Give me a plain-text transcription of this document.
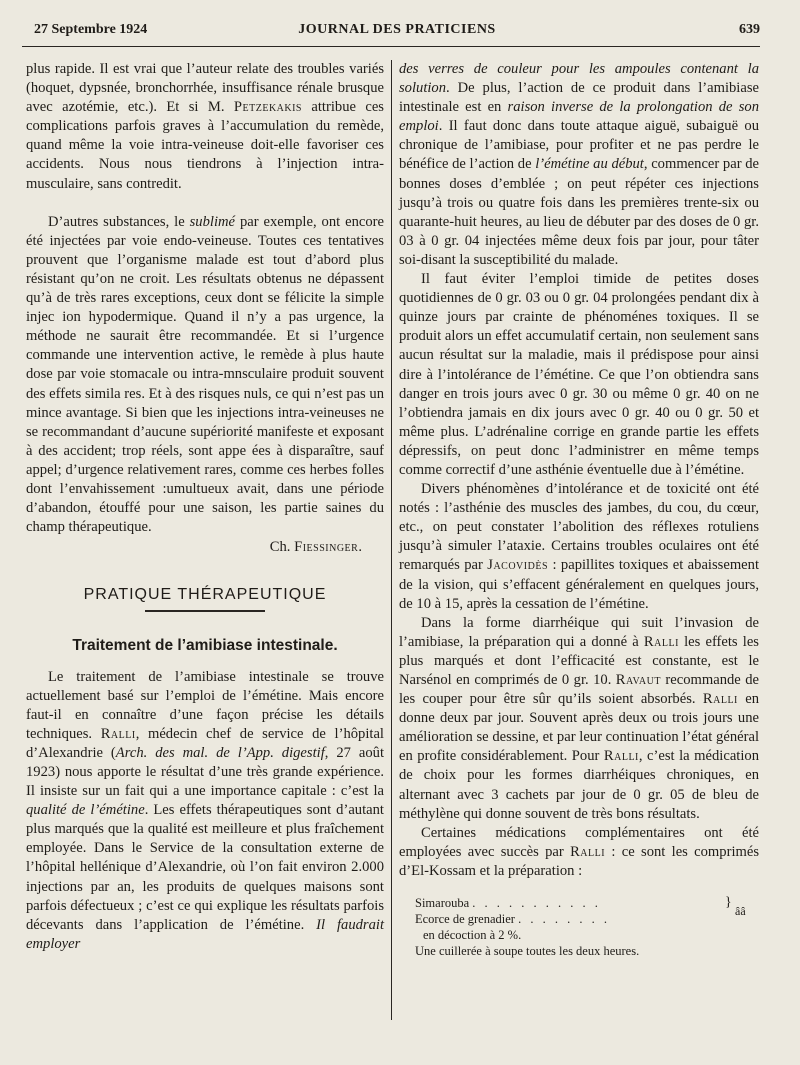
27 Septembre 1924	JOURNAL DES PRATICIENS	639

plus rapide. Il est vrai que l’auteur relate des troubles variés (hoquet, dypsnée, bronchorrhée, insuffisance rénale brusque avec azotémie, etc.). Et si M. Petzekakis attribue ces complications parfois graves à l’accumulation du remède, quand même la voie intra-veineuse doit-elle favoriser ces accidents. Nous nous tiendrons à l’injection intra-musculaire, sans contredit.

D’autres substances, le sublimé par exemple, ont encore été injectées par voie endo-veineuse. Toutes ces tentatives prouvent que l’organisme malade est tout d’abord plus résistant qu’on ne croit. Les résultats obtenus ne dépassent qu’à de très rares exceptions, ceux dont se félicite la simple injec ion hypodermique. Quand il n’y a pas urgence, la méthode ne saurait être recommandée. Et si l’urgence commande une intervention active, le remède à plus haute dose par voie stomacale ou intra-mnsculaire produit souvent des effets simila res. Et à des risques nuls, ce qui n’est pas un mince avantage. Si bien que les injections intra-veineuses ne se recommandant d’aucune supériorité manifeste et exposant à des accident; trop réels, sont appe ées à disparaître, sauf appel; d’urgence relativement rares, comme ces herbes folles dont l’envahissement :umultueux avait, dans une période d’abandon, étouffé pour une saison, les partie saines du champ thérapeutique.

Ch. Fiessinger.
PRATIQUE THÉRAPEUTIQUE
Traitement de l’amibiase intestinale.

Le traitement de l’amibiase intestinale se trouve actuellement basé sur l’emploi de l’émétine. Mais encore faut-il en connaître d’une façon précise les détails techniques. Ralli, médecin chef de service de l’hôpital d’Alexandrie (Arch. des mal. de l’App. digestif, 27 août 1923) nous apporte le résultat d’une très grande expérience. Il insiste sur un fait qui a une importance capitale : c’est la qualité de l’émétine. Les effets thérapeutiques sont d’autant plus marqués que la qualité est meilleure et plus fraîchement employée. Dans le Service de la consultation externe de l’hôpital hellénique d’Alexandrie, où l’on fait environ 2.000 injections par an, les produits de quelques maisons sont parfois défectueux ; c’est ce qui explique les résultats parfois décevants dans l’application de l’émétine. Il faudrait employer

des verres de couleur pour les ampoules contenant la solution. De plus, l’action de ce produit dans l’amibiase intestinale est en raison inverse de la prolongation de son emploi. Il faut donc dans toute attaque aiguë, subaiguë ou chronique de l’amibiase, pour profiter et ne pas perdre le bénéfice de l’action de l’émétine au début, commencer par de bonnes doses d’emblée ; on peut répéter ces injections jusqu’à trois ou quatre fois dans les premières trente-six ou quarante-huit heures, au lieu de débuter par des doses de 0 gr. 03 à 0 gr. 04 injectées même deux fois par jour, pour tâter soi-disant la susceptibilité du malade.

Il faut éviter l’emploi timide de petites doses quotidiennes de 0 gr. 03 ou 0 gr. 04 prolongées pendant dix à quinze jours par crainte de phénoménes toxiques. Il se produit alors un effet accumulatif certain, non seulement sans aucun résultat sur la maladie, mais il prédispose pour ainsi dire à l’intolérance de l’émétine. Ce que l’on obtiendra sans danger en trois jours avec 0 gr. 30 ou même 0 gr. 40 on ne l’obtiendra jamais en dix jours avec 0 gr. 40 ou 0 gr. 50 et même plus. L’adrénaline corrige en grande partie les effets dépressifs, on peut donc l’administrer en même temps comme correctif d’une asthénie éventuelle due à l’émétine.

Divers phénomènes d’intolérance et de toxicité ont été notés : l’asthénie des muscles des jambes, du cou, du cœur, etc., on peut constater l’abolition des réflexes rotuliens jusqu’à simuler l’ataxie. Certains troubles oculaires ont été remarqués par Jacovidès : papillites toxiques et abaissement de la vision, qui s’effacent généralement en quelques jours, de 10 à 15, après la cessation de l’émétine.

Dans la forme diarrhéique qui suit l’invasion de l’amibiase, la préparation qui a donné à Ralli les effets les plus marqués et dont l’efficacité est constante, est le Narsénol en comprimés de 0 gr. 10. Ravaut recommande de les couper pour être sûr qu’ils soient absorbés. Ralli en donne deux par jour. Souvent après deux ou trois jours une amélioration se dessine, et par leur continuation l’état général en profite considérablement. Pour Ralli, c’est la médication de choix pour les formes diarrhéiques chroniques, en alternant avec 3 cachets par jour de 0 gr. 05 de bleu de méthylène qui donne souvent de très bons résultats.

Certaines médications complémentaires ont été employées avec succès par Ralli : ce sont les comprimés d’El-Kossam et la préparation :

Simarouba . . . . . . . . . . .	}
ââ
Ecorce de grenadier . . . . . . . .
en décoction à 2 %.
Une cuillerée à soupe toutes les deux heures.
